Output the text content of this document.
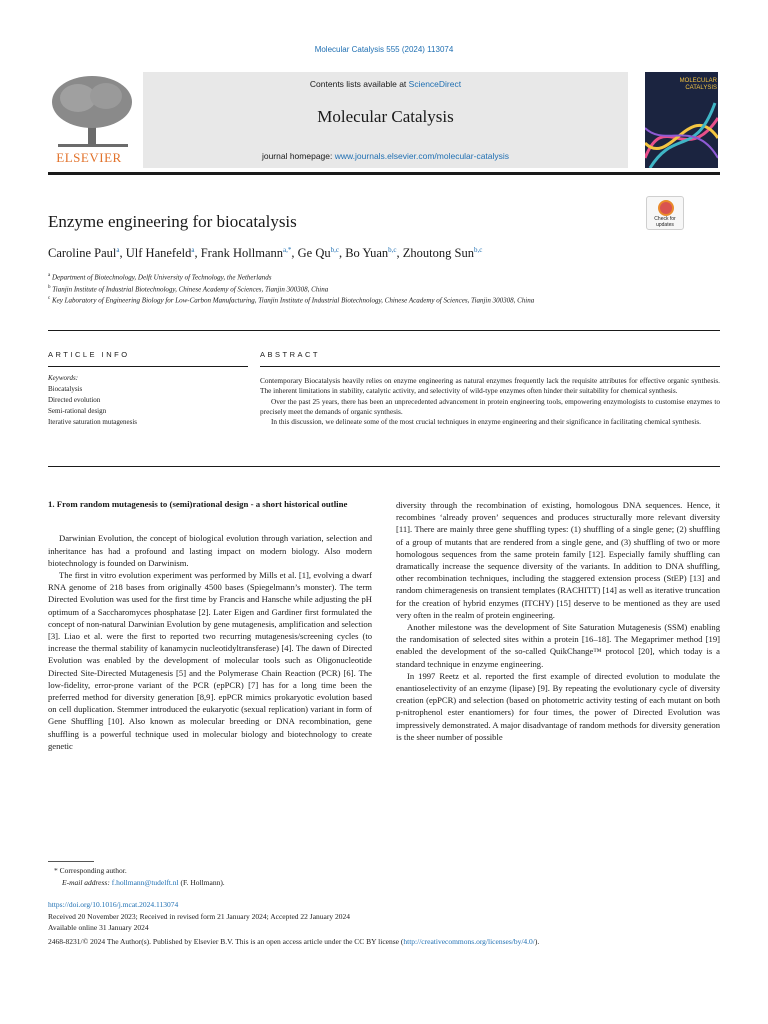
Molecular Catalysis 555 (2024) 113074
ELSEVIER
Contents lists available at ScienceDirect
Molecular Catalysis
journal homepage: www.journals.elsevier.com/molecular-catalysis
MOLECULAR CATALYSIS
Enzyme engineering for biocatalysis	Check for updates
Caroline Paul$^a$, Ulf Hanefeld$^a$, Frank Hollmann$^{a,*}$, Ge Qu$^{b,c}$, Bo Yuan$^{b,c}$, Zhoutong Sun$^{b,c}$
$^a$ Department of Biotechnology, Delft University of Technology, the Netherlands
$^b$ Tianjin Institute of Industrial Biotechnology, Chinese Academy of Sciences, Tianjin 300308, China
$^c$ Key Laboratory of Engineering Biology for Low-Carbon Manufacturing, Tianjin Institute of Industrial Biotechnology, Chinese Academy of Sciences, Tianjin 300308, China
ARTICLE INFO	ABSTRACT
Keywords:
Biocatalysis
Directed evolution
Semi-rational design
Iterative saturation mutagenesis

Contemporary Biocatalysis heavily relies on enzyme engineering as natural enzymes frequently lack the requisite attributes for effective organic synthesis. The inherent limitations in stability, catalytic activity, and selectivity of wild-type enzymes often hinder their suitability for chemical synthesis.

Over the past 25 years, there has been an unprecedented advancement in protein engineering tools, empowering enzymologists to customise enzymes to precisely meet the demands of organic synthesis.

In this discussion, we delineate some of the most crucial techniques in enzyme engineering and their significance in facilitating chemical synthesis.

1. From random mutagenesis to (semi)rational design - a short historical outline

Darwinian Evolution, the concept of biological evolution through variation, selection and inheritance has had a profound and lasting impact on modern biology. Also modern biotechnology is founded on Darwinism.

The first in vitro evolution experiment was performed by Mills et al. [1], evolving a dwarf RNA genome of 218 bases from originally 4500 bases (Spiegelmann’s monster). The term Directed Evolution was used for the first time by Francis and Hansche while adjusting the pH optimum of a Saccharomyces phosphatase [2]. Later Eigen and Gardiner first formulated the concept of non-natural Darwinian Evolution by gene mutagenesis, amplification and selection [3]. Liao et al. were the first to reported two recurring mutagenesis/screening cycles (to increase the thermal stability of kanamycin nucleotidyltransferase) [4]. The dawn of Directed Evolution was enabled by the development of molecular tools such as Oligonucleotide Directed Site-Directed Mutagenesis [5] and the Polymerase Chain Reaction (PCR) [6]. The low-fidelity, error-prone variant of the PCR (epPCR) [7] has for a long time been the preferred method for diversity generation [8,9]. epPCR mimics prokaryotic evolution based on cell duplication. Stemmer introduced the eukaryotic (sexual replication) variant in form of Gene Shuffling [10]. Also known as molecular breeding or DNA recombination, gene shuffling is a powerful technique used in molecular biology and biotechnology to create genetic

diversity through the recombination of existing, homologous DNA sequences. Hence, it recombines ‘already proven’ sequences and produces structurally more relevant diversity [11]. There are mainly three gene shuffling types: (1) shuffling of a single gene; (2) shuffling of a group of mutants that are rendered from a single gene, and (3) shuffling of two or more homologous sequences from the same protein family [12]. Especially family shuffling can dramatically increase the sequence diversity of the variants. In addition to DNA shuffling, other recombination techniques, including the staggered extension process (StEP) [13] and random chimeragenesis on transient templates (RACHITT) [14] as well as iterative truncation for the creation of hybrid enzymes (ITCHY) [15] deserve to be mentioned as they are used very often in the realm of protein engineering.

Another milestone was the development of Site Saturation Mutagenesis (SSM) enabling the randomisation of selected sites within a protein [16–18]. The Megaprimer method [19] enabled the development of the so-called QuikChange™ protocol [20], which today is a standard technique in enzyme engineering.

In 1997 Reetz et al. reported the first example of directed evolution to modulate the enantioselectivity of an enzyme (lipase) [9]. By repeating the evolutionary cycle of diversity creation (epPCR) and selection (based on photometric activity testing of each mutant on both p-nitrophenol ester enantiomers) for four times, the power of Directed Evolution was impressively demonstrated. A major disadvantage of random methods for diversity generation is the sheer number of possible

* Corresponding author.
E-mail address: f.hollmann@tudelft.nl (F. Hollmann).
https://doi.org/10.1016/j.mcat.2024.113074
Received 20 November 2023; Received in revised form 21 January 2024; Accepted 22 January 2024
Available online 31 January 2024
2468-8231/© 2024 The Author(s). Published by Elsevier B.V. This is an open access article under the CC BY license (http://creativecommons.org/licenses/by/4.0/).
